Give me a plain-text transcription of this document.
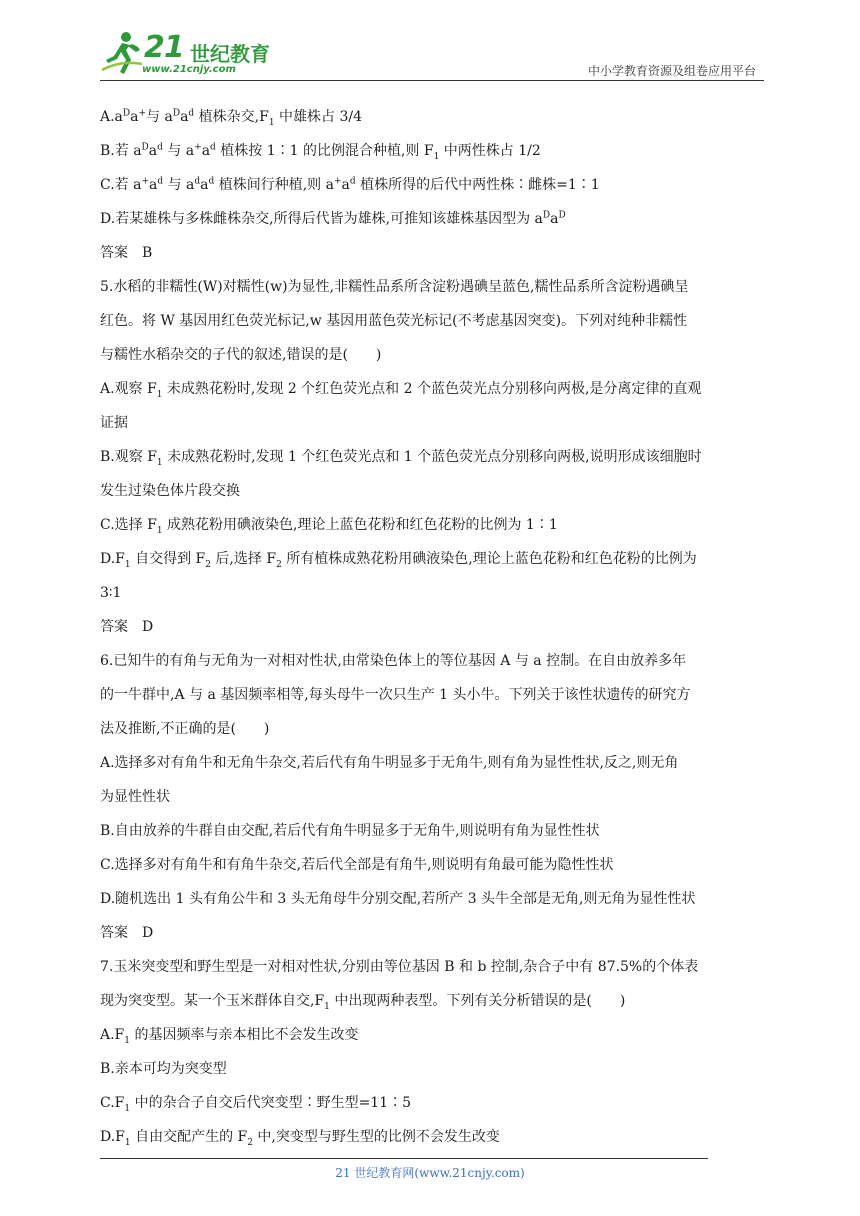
21 世纪教育
www.21cnjy.com	中小学教育资源及组卷应用平台
$A.a^Da^+$与 $a^Da^d$ 植株杂交$,F_1$ 中雄株占 3/4
B.若 $a^Da^d$ 与 $a^+a^d$ 植株按 1∶1 的比例混合种植,则 $F_1$ 中两性株占 1/2
C.若 $a^+a^d$ 与 $a^da^d$ 植株间行种植,则 $a^+a^d$ 植株所得的后代中两性株∶雌株=1∶1
D.若某雄株与多株雌株杂交,所得后代皆为雄株,可推知该雄株基因型为 $a^Da^D$
答案　B
5.水稻的非糯性(W)对糯性(w)为显性,非糯性品系所含淀粉遇碘呈蓝色,糯性品系所含淀粉遇碘呈
红色。将 W 基因用红色荧光标记,w 基因用蓝色荧光标记(不考虑基因突变)。下列对纯种非糯性
与糯性水稻杂交的子代的叙述,错误的是(　　)
A.观察 $F_1$ 未成熟花粉时,发现 2 个红色荧光点和 2 个蓝色荧光点分别移向两极,是分离定律的直观
证据
B.观察 $F_1$ 未成熟花粉时,发现 1 个红色荧光点和 1 个蓝色荧光点分别移向两极,说明形成该细胞时
发生过染色体片段交换
C.选择 $F_1$ 成熟花粉用碘液染色,理论上蓝色花粉和红色花粉的比例为 1∶1
$D.F_1$ 自交得到 $F_2$ 后,选择 $F_2$ 所有植株成熟花粉用碘液染色,理论上蓝色花粉和红色花粉的比例为
3∶1
答案　D
6.已知牛的有角与无角为一对相对性状,由常染色体上的等位基因 A 与 a 控制。在自由放养多年
的一牛群中,A 与 a 基因频率相等,每头母牛一次只生产 1 头小牛。下列关于该性状遗传的研究方
法及推断,不正确的是(　　)
A.选择多对有角牛和无角牛杂交,若后代有角牛明显多于无角牛,则有角为显性性状,反之,则无角
为显性性状
B.自由放养的牛群自由交配,若后代有角牛明显多于无角牛,则说明有角为显性性状
C.选择多对有角牛和有角牛杂交,若后代全部是有角牛,则说明有角最可能为隐性性状
D.随机选出 1 头有角公牛和 3 头无角母牛分别交配,若所产 3 头牛全部是无角,则无角为显性性状
答案　D
7.玉米突变型和野生型是一对相对性状,分别由等位基因 B 和 b 控制,杂合子中有 87.5%的个体表
现为突变型。某一个玉米群体自交$,F_1$ 中出现两种表型。下列有关分析错误的是(　　)
$A.F_1$ 的基因频率与亲本相比不会发生改变
B.亲本可均为突变型
$C.F_1$ 中的杂合子自交后代突变型∶野生型=11∶5
$D.F_1$ 自由交配产生的 $F_2$ 中,突变型与野生型的比例不会发生改变
21 世纪教育网(www.21cnjy.com)
